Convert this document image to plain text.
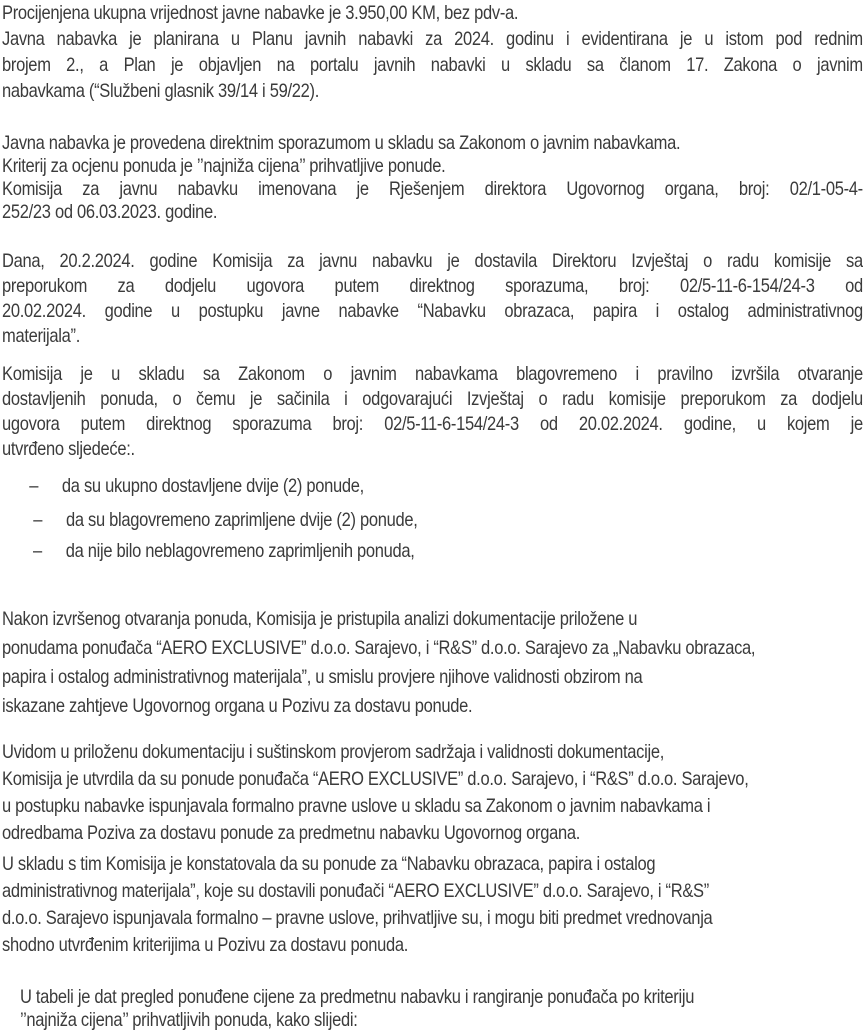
Procijenjena ukupna vrijednost javne nabavke je 3.950,00 KM, bez pdv-a.
Javna nabavka je planirana u Planu javnih nabavki za 2024. godinu i evidentirana je u istom pod rednim
brojem 2., a Plan je objavljen na portalu javnih nabavki u skladu sa članom 17. Zakona o javnim
nabavkama (“Službeni glasnik 39/14 i 59/22).
Javna nabavka je provedena direktnim sporazumom u skladu sa Zakonom o javnim nabavkama.
Kriterij za ocjenu ponuda je ’’najniža cijena’’ prihvatljive ponude.
Komisija za javnu nabavku imenovana je Rješenjem direktora Ugovornog organa, broj: 02/1-05-4-
252/23 od 06.03.2023. godine.
Dana, 20.2.2024. godine Komisija za javnu nabavku je dostavila Direktoru Izvještaj o radu komisije sa
preporukom za dodjelu ugovora putem direktnog sporazuma, broj: 02/5-11-6-154/24-3 od
20.02.2024. godine u postupku javne nabavke “Nabavku obrazaca, papira i ostalog administrativnog
materijala”.
Komisija je u skladu sa Zakonom o javnim nabavkama blagovremeno i pravilno izvršila otvaranje
dostavljenih ponuda, o čemu je sačinila i odgovarajući Izvještaj o radu komisije preporukom za dodjelu
ugovora putem direktnog sporazuma broj: 02/5-11-6-154/24-3 od 20.02.2024. godine, u kojem je
utvrđeno sljedeće:.
– da su ukupno dostavljene dvije (2) ponude,
– da su blagovremeno zaprimljene dvije (2) ponude,
– da nije bilo neblagovremeno zaprimljenih ponuda,
Nakon izvršenog otvaranja ponuda, Komisija je pristupila analizi dokumentacije priložene u
ponudama ponuđača “AERO EXCLUSIVE” d.o.o. Sarajevo, i “R&S” d.o.o. Sarajevo za „Nabavku obrazaca,
papira i ostalog administrativnog materijala”, u smislu provjere njihove validnosti obzirom na
iskazane zahtjeve Ugovornog organa u Pozivu za dostavu ponude.
Uvidom u priloženu dokumentaciju i suštinskom provjerom sadržaja i validnosti dokumentacije,
Komisija je utvrdila da su ponude ponuđača “AERO EXCLUSIVE” d.o.o. Sarajevo, i “R&S” d.o.o. Sarajevo,
u postupku nabavke ispunjavala formalno pravne uslove u skladu sa Zakonom o javnim nabavkama i
odredbama Poziva za dostavu ponude za predmetnu nabavku Ugovornog organa.
U skladu s tim Komisija je konstatovala da su ponude za “Nabavku obrazaca, papira i ostalog
administrativnog materijala”, koje su dostavili ponuđači “AERO EXCLUSIVE” d.o.o. Sarajevo, i “R&S”
d.o.o. Sarajevo ispunjavala formalno – pravne uslove, prihvatljive su, i mogu biti predmet vrednovanja
shodno utvrđenim kriterijima u Pozivu za dostavu ponuda.
U tabeli je dat pregled ponuđene cijene za predmetnu nabavku i rangiranje ponuđača po kriteriju
’’najniža cijena’’ prihvatljivih ponuda, kako slijedi:
